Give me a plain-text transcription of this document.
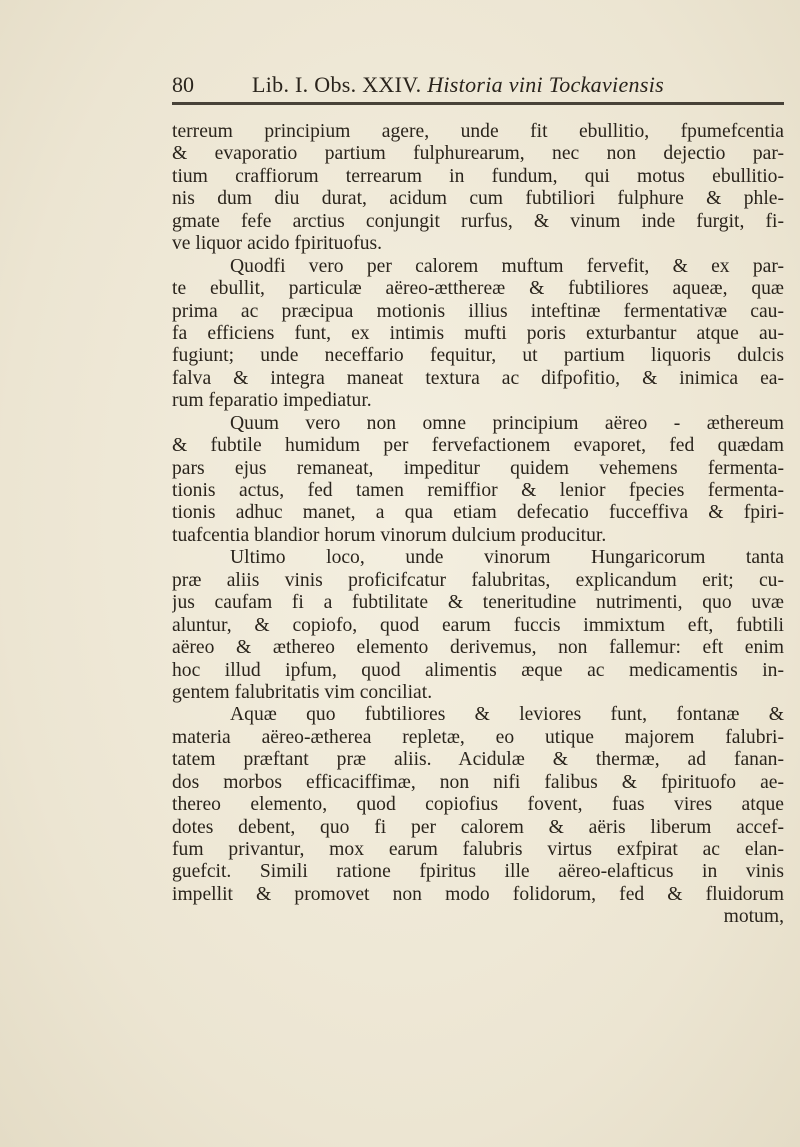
80	Lib. I. Obs. XXIV. Historia vini Tockaviensis
terreum principium agere, unde fit ebullitio, fpumefcentia
& evaporatio partium fulphurearum, nec non dejectio par-
tium craffiorum terrearum in fundum, qui motus ebullitio-
nis dum diu durat, acidum cum fubtiliori fulphure & phle-
gmate fefe arctius conjungit rurfus, & vinum inde furgit, fi-
ve liquor acido fpirituofus.
Quodfi vero per calorem muftum fervefit, & ex par-
te ebullit, particulæ aëreo-ætthereæ & fubtiliores aqueæ, quæ
prima ac præcipua motionis illius inteftinæ fermentativæ cau-
fa efficiens funt, ex intimis mufti poris exturbantur atque au-
fugiunt; unde neceffario fequitur, ut partium liquoris dulcis
falva & integra maneat textura ac difpofitio, & inimica ea-
rum feparatio impediatur.
Quum vero non omne principium aëreo - æthereum
& fubtile humidum per fervefactionem evaporet, fed quædam
pars ejus remaneat, impeditur quidem vehemens fermenta-
tionis actus, fed tamen remiffior & lenior fpecies fermenta-
tionis adhuc manet, a qua etiam defecatio fucceffiva & fpiri-
tuafcentia blandior horum vinorum dulcium producitur.
Ultimo loco, unde vinorum Hungaricorum tanta
præ aliis vinis proficifcatur falubritas, explicandum erit; cu-
jus caufam fi a fubtilitate & teneritudine nutrimenti, quo uvæ
aluntur, & copiofo, quod earum fuccis immixtum eft, fubtili
aëreo & æthereo elemento derivemus, non fallemur: eft enim
hoc illud ipfum, quod alimentis æque ac medicamentis in-
gentem falubritatis vim conciliat.
Aquæ quo fubtiliores & leviores funt, fontanæ &
materia aëreo-ætherea repletæ, eo utique majorem falubri-
tatem præftant præ aliis. Acidulæ & thermæ, ad fanan-
dos morbos efficaciffimæ, non nifi falibus & fpirituofo ae-
thereo elemento, quod copiofius fovent, fuas vires atque
dotes debent, quo fi per calorem & aëris liberum accef-
fum privantur, mox earum falubris virtus exfpirat ac elan-
guefcit. Simili ratione fpiritus ille aëreo-elafticus in vinis
impellit & promovet non modo folidorum, fed & fluidorum
motum,
